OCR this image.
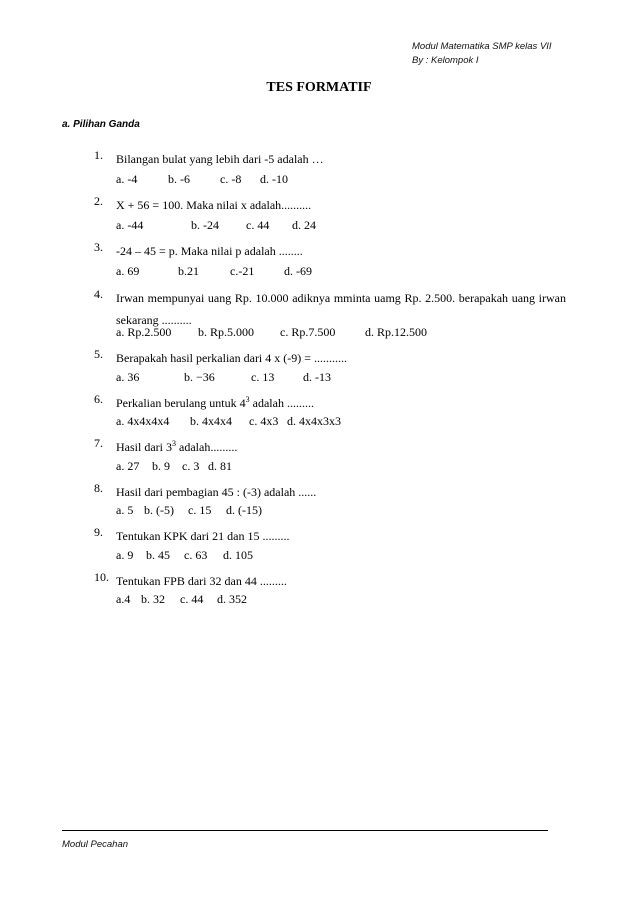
Modul Matematika SMP kelas VII
By : Kelompok I
TES FORMATIF
a. Pilihan Ganda
1. Bilangan bulat yang lebih dari -5 adalah …
a. -4	b. -6	c. -8 d. -10
2. X + 56 = 100. Maka nilai x adalah..........
a. -44	b. -24 c. 44 d. 24
3. -24 – 45 = p. Maka nilai p adalah ........
a. 69	b.21	c.-21 d. -69
4. Irwan mempunyai uang Rp. 10.000 adiknya mminta uamg Rp. 2.500. berapakah uang irwan sekarang ..........
a. Rp.2.500 b. Rp.5.000 c. Rp.7.500 d. Rp.12.500
5. Berapakah hasil perkalian dari 4 x (-9) = ...........
a. 36	b. −36	c. 13 d. -13
6. Perkalian berulang untuk $4^3$ adalah .........
a. 4x4x4x4 b. 4x4x4 c. 4x3 d. 4x4x3x3
7. Hasil dari $3^3$ adalah.........
a. 27 b. 9 c. 3 d. 81
8. Hasil dari pembagian 45 : (-3) adalah ......
a. 5 b. (-5) c. 15 d. (-15)
9. Tentukan KPK dari 21 dan 15 .........
a. 9 b. 45 c. 63 d. 105
10. Tentukan FPB dari 32 dan 44 .........
a.4 b. 32 c. 44 d. 352
Modul Pecahan
